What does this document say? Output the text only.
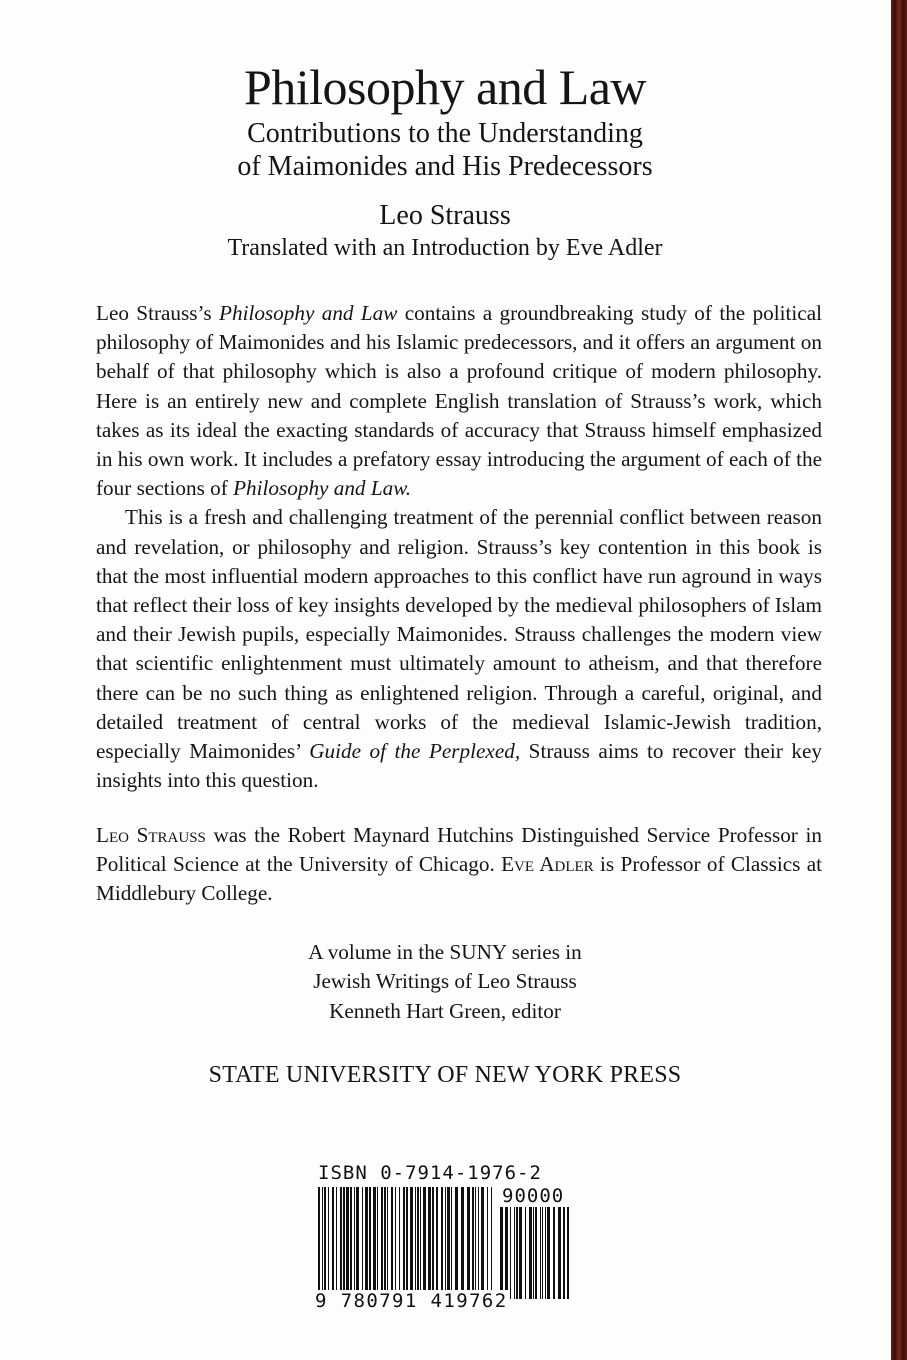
Philosophy and Law
Contributions to the Understanding
of Maimonides and His Predecessors
Leo Strauss
Translated with an Introduction by Eve Adler

Leo Strauss’s Philosophy and Law contains a groundbreaking study of the political philosophy of Maimonides and his Islamic predecessors, and it offers an argument on behalf of that philosophy which is also a profound critique of modern philosophy. Here is an entirely new and complete English translation of Strauss’s work, which takes as its ideal the exacting standards of accuracy that Strauss himself emphasized in his own work. It includes a prefatory essay introducing the argument of each of the four sections of Philosophy and Law.

This is a fresh and challenging treatment of the perennial conflict between reason and revelation, or philosophy and religion. Strauss’s key contention in this book is that the most influential modern approaches to this conflict have run aground in ways that reflect their loss of key insights developed by the medieval philosophers of Islam and their Jewish pupils, especially Maimonides. Strauss challenges the modern view that scientific enlightenment must ultimately amount to atheism, and that therefore there can be no such thing as enlightened religion. Through a careful, original, and detailed treatment of central works of the medieval Islamic-Jewish tradition, especially Maimonides’ Guide of the Perplexed, Strauss aims to recover their key insights into this question.

Leo Strauss was the Robert Maynard Hutchins Distinguished Service Professor in Political Science at the University of Chicago. Eve Adler is Professor of Classics at Middlebury College.
A volume in the SUNY series in
Jewish Writings of Leo Strauss
Kenneth Hart Green, editor
STATE UNIVERSITY OF NEW YORK PRESS
ISBN 0-7914-1976-2
90000
9 780791 419762
